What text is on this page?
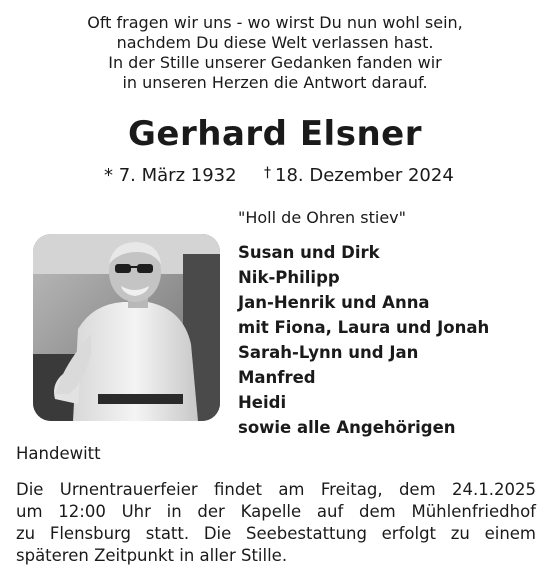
Oft fragen wir uns - wo wirst Du nun wohl sein,
nachdem Du diese Welt verlassen hast.
In der Stille unserer Gedanken fanden wir
in unseren Herzen die Antwort darauf.
Gerhard Elsner
* 7. März 1932 † 18. Dezember 2024
"Holl de Ohren stiev"
Susan und Dirk
Nik-Philipp
Jan-Henrik und Anna
mit Fiona, Laura und Jonah
Sarah-Lynn und Jan
Manfred
Heidi
sowie alle Angehörigen
Handewitt
Die Urnentrauerfeier findet am Freitag, dem 24.1.2025
um 12:00 Uhr in der Kapelle auf dem Mühlenfriedhof
zu Flensburg statt. Die Seebestattung erfolgt zu einem
späteren Zeitpunkt in aller Stille.
